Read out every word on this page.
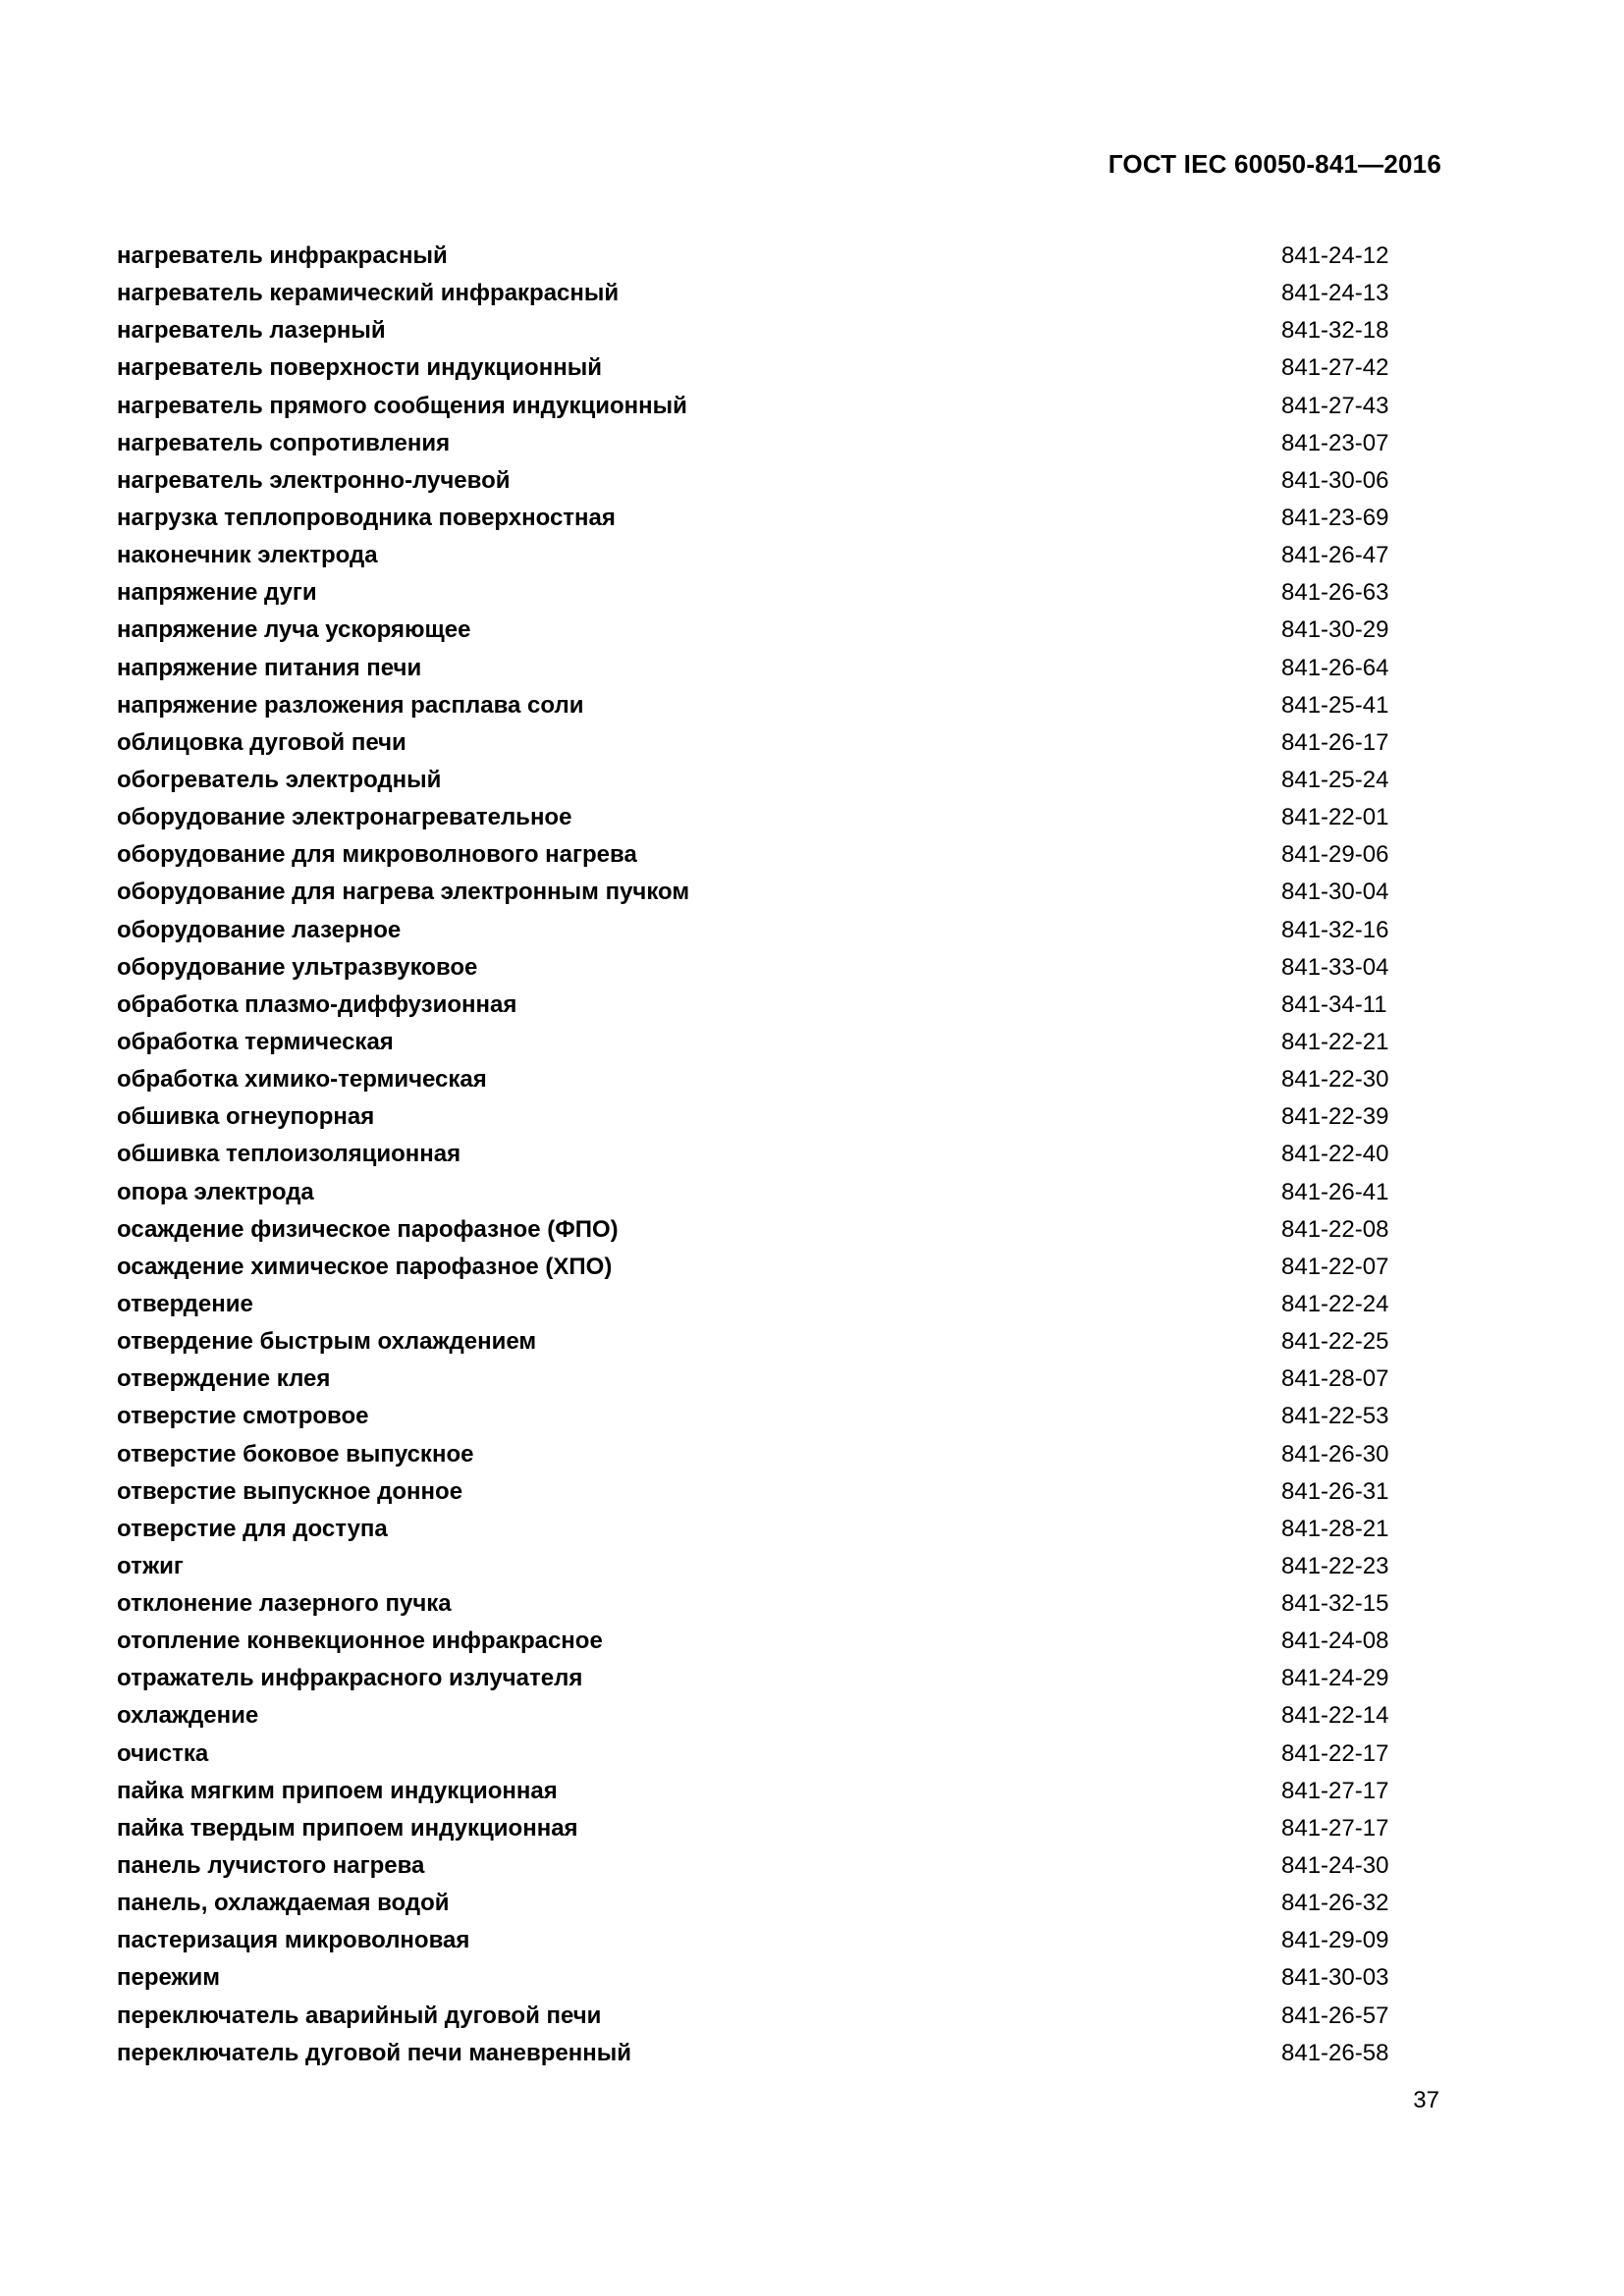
ГОСТ IEC 60050-841—2016
нагреватель инфракрасный	841-24-12
нагреватель керамический инфракрасный	841-24-13
нагреватель лазерный	841-32-18
нагреватель поверхности индукционный	841-27-42
нагреватель прямого сообщения индукционный	841-27-43
нагреватель сопротивления	841-23-07
нагреватель электронно-лучевой	841-30-06
нагрузка теплопроводника поверхностная	841-23-69
наконечник электрода	841-26-47
напряжение дуги	841-26-63
напряжение луча ускоряющее	841-30-29
напряжение питания печи	841-26-64
напряжение разложения расплава соли	841-25-41
облицовка дуговой печи	841-26-17
обогреватель электродный	841-25-24
оборудование электронагревательное	841-22-01
оборудование для микроволнового нагрева	841-29-06
оборудование для нагрева электронным пучком	841-30-04
оборудование лазерное	841-32-16
оборудование ультразвуковое	841-33-04
обработка плазмо-диффузионная	841-34-11
обработка термическая	841-22-21
обработка химико-термическая	841-22-30
обшивка огнеупорная	841-22-39
обшивка теплоизоляционная	841-22-40
опора электрода	841-26-41
осаждение физическое парофазное (ФПО)	841-22-08
осаждение химическое парофазное (ХПО)	841-22-07
отвердение	841-22-24
отвердение быстрым охлаждением	841-22-25
отверждение клея	841-28-07
отверстие смотровое	841-22-53
отверстие боковое выпускное	841-26-30
отверстие выпускное донное	841-26-31
отверстие для доступа	841-28-21
отжиг	841-22-23
отклонение лазерного пучка	841-32-15
отопление конвекционное инфракрасное	841-24-08
отражатель инфракрасного излучателя	841-24-29
охлаждение	841-22-14
очистка	841-22-17
пайка мягким припоем индукционная	841-27-17
пайка твердым припоем индукционная	841-27-17
панель лучистого нагрева	841-24-30
панель, охлаждаемая водой	841-26-32
пастеризация микроволновая	841-29-09
пережим	841-30-03
переключатель аварийный дуговой печи	841-26-57
переключатель дуговой печи маневренный	841-26-58
37
